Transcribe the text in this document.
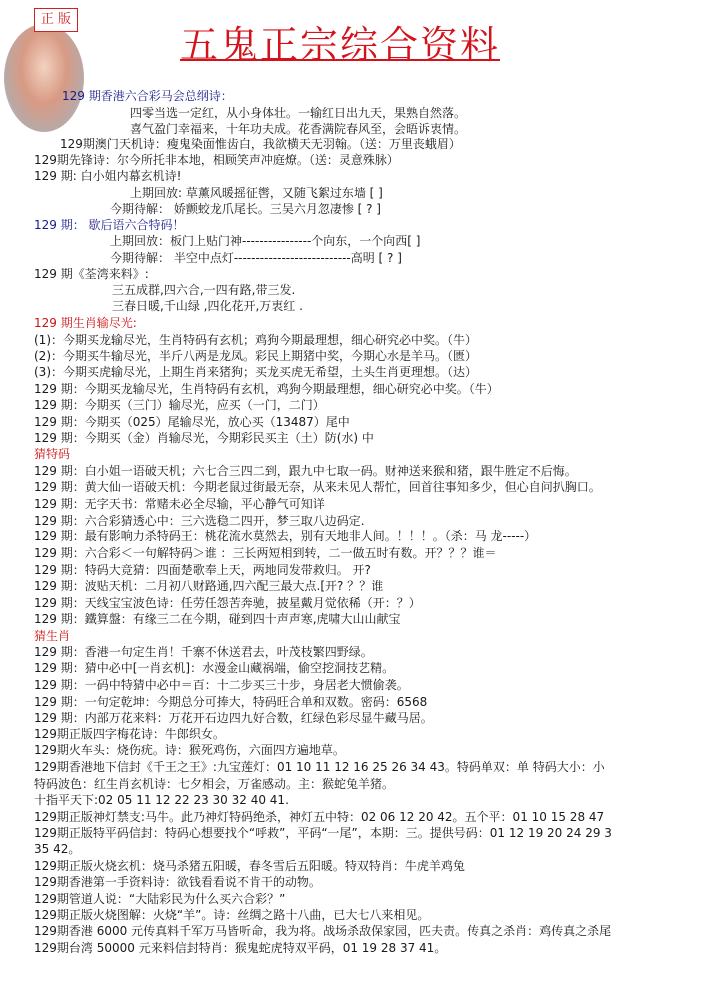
正 版
五鬼正宗综合资料
129 期香港六合彩马会总纲诗：
四零当选一定红，从小身体壮。一输红日出九天，果熟自然落。
喜气盈门幸福来，十年功夫成。花香满院春风至，会晤诉衷情。
129期澳门天机诗：瘦鬼染面惟齿白，我欲横天无羽翰。（送：万里丧蛾眉）
129期先锋诗：尔今所托非本地，相顾笑声冲庭燎。（送：灵意殊脉）
129 期: 白小姐内幕玄机诗!
上期回放: 草薰风暖摇征辔，又随飞絮过东墙 [ ]
今期待解： 娇颤蛟龙爪尾长。三吴六月忽凄惨 [ ? ]
129 期： 歇后语六合特码！
上期回放：板门上贴门神----------------个向东，一个向西[ ]
今期待解： 半空中点灯---------------------------高明 [ ? ]
129 期《荃湾来料》:
三五成群,四六合,一四有路,带三发.
三春日暖,千山绿 ,四化花开,万衷红 .
129 期生肖输尽光:
(1)：今期买龙输尽光，生肖特码有玄机；鸡狗今期最理想，细心研究必中奖。（牛）
(2)：今期买牛输尽光，半斤八两是龙凤。彩民上期猪中奖，今期心水是羊马。（匮）
(3)：今期买虎输尽光，上期生肖来猪狗；买龙买虎无希望，土头生肖更理想。（达）
129 期：今期买龙输尽光，生肖特码有玄机，鸡狗今期最理想，细心研究必中奖。（牛）
129 期：今期买（三门）输尽光，应买（一门，二门）
129 期：今期买（025）尾输尽光，放心买（13487）尾中
129 期：今期买（金）肖输尽光，今期彩民买主（土）防(水) 中
猜特码
129 期：白小姐一语破天机；六七合三四二到，跟九中七取一码。财神送来猴和猪，跟牛胜定不后悔。
129 期：黄大仙一语破天机：今期老鼠过街最无奈，从来未见人帮忙，回首往事知多少，但心自问扒胸口。
129 期：无字天书：常赌未必全尽输，平心静气可知详
129 期：六合彩猜透心中：三六选稳二四开，梦三取八边码定.
129 期：最有影响力杀特码王：桃花流水莫然去，别有天地非人间。！！！。（杀：马 龙-----）
129 期：六合彩＜一句解特码＞谁 ：三长两短相到转，二一做五时有数。开？？？谁＝
129 期：特码大竞猜：四面楚歌奉上天，两地同发带救归。 开?
129 期：波贴天机：二月初八财路通,四六配三最大点.[开? ？？谁
129 期：天线宝宝波色诗：任劳任怨苦奔驰，披星戴月觉依稀（开：？）
129 期：鐵算盤：有缘三二在今期，碰到四十声声寒,虎啸大山山献宝
猜生肖
129 期：香港一句定生肖！千寨不休送君去，叶茂枝繁四野绿。
129 期：猜中必中[一肖玄机]：水漫金山藏祸端，偷空挖洞技艺精。
129 期：一码中特猜中必中＝百：十二步买三十步，身居老大惯偷袭。
129 期：一句定乾坤：今期总分可捧大，特码旺合单和双数。密码：6568
129 期：内部万花来料：万花开石边四九好合数，红绿色彩尽显牛藏马居。
129期正版四字梅花诗：牛郎织女。
129期火车头：烧伤疣。诗：猴死鸡伤，六面四方遍地草。
129期香港地下信封《千王之王》:九宝莲灯：01 10 11 12 16 25 26 34 43。特码单双：单 特码大小：小
特码波色：红生肖玄机诗：七夕相会，万雀感动。主：猴蛇兔羊猪。
十指平天下:02 05 11 12 22 23 30 32 40 41.
129期正版神灯禁支:马牛。此乃神灯特码绝杀，神灯五中特：02 06 12 20 42。五个平：01 10 15 28 47
129期正版特平码信封：特码心想要找个“呼救”，平码“一尾”，本期：三。提供号码：01 12 19 20 24 29 3
35 42。
129期正版火烧玄机：烧马杀猪五阳暖，春冬雪后五阳暖。特双特肖：牛虎羊鸡兔
129期香港第一手资料诗：欲钱看看说不肯干的动物。
129期管道人说：“大陆彩民为什么买六合彩？”
129期正版火烧图解：火烧“羊”。诗：丝绸之路十八曲，已大七八来相见。
129期香港 6000 元传真料千军万马皆听命，我为将。战场杀敌保家园，匹夫责。传真之杀肖：鸡传真之杀尾
129期台湾 50000 元来料信封特肖：猴鬼蛇虎特双平码，01 19 28 37 41。
